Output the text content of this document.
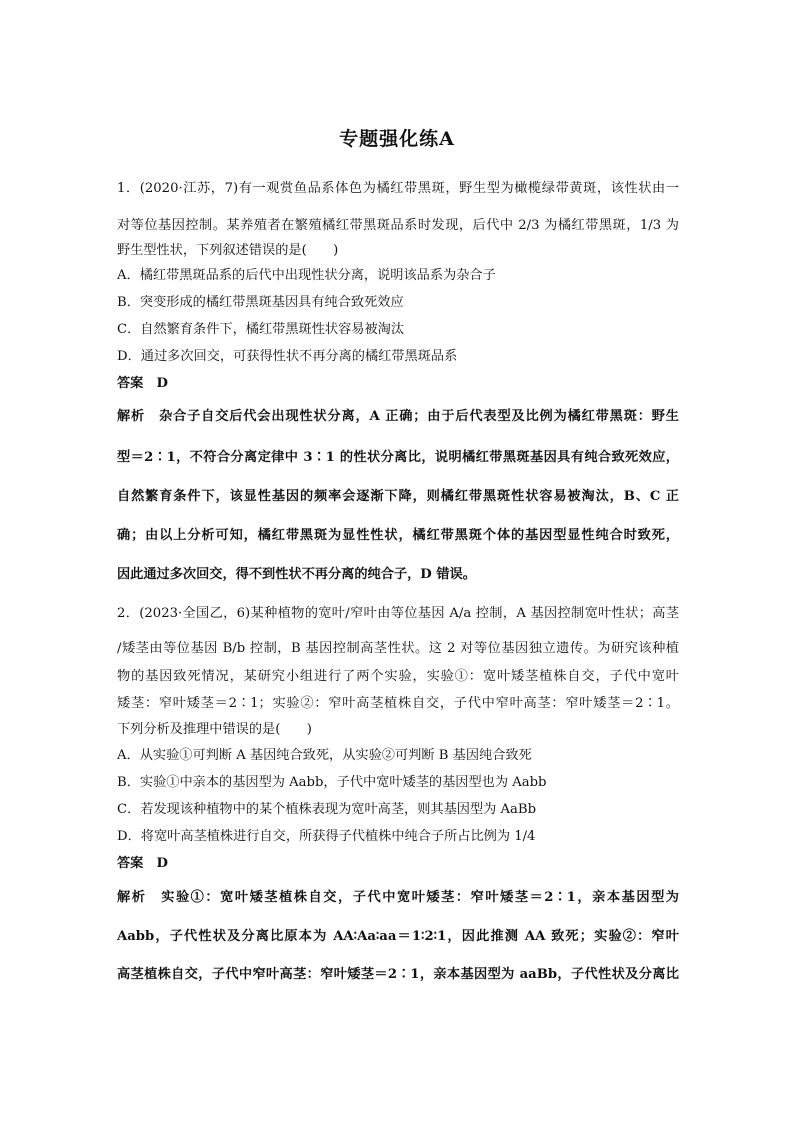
专题强化练A
1．(2020·江苏，7)有一观赏鱼品系体色为橘红带黑斑，野生型为橄榄绿带黄斑，该性状由一
对等位基因控制。某养殖者在繁殖橘红带黑斑品系时发现，后代中 2/3 为橘红带黑斑，1/3 为
野生型性状，下列叙述错误的是(　　)
A．橘红带黑斑品系的后代中出现性状分离，说明该品系为杂合子
B．突变形成的橘红带黑斑基因具有纯合致死效应
C．自然繁育条件下，橘红带黑斑性状容易被淘汰
D．通过多次回交，可获得性状不再分离的橘红带黑斑品系
答案　D
解析　杂合子自交后代会出现性状分离，A 正确；由于后代表型及比例为橘红带黑斑：野生
型＝2∶1，不符合分离定律中 3∶1 的性状分离比，说明橘红带黑斑基因具有纯合致死效应，
自然繁育条件下，该显性基因的频率会逐渐下降，则橘红带黑斑性状容易被淘汰，B、C 正
确；由以上分析可知，橘红带黑斑为显性性状，橘红带黑斑个体的基因型显性纯合时致死，
因此通过多次回交，得不到性状不再分离的纯合子，D 错误。
2．(2023·全国乙，6)某种植物的宽叶/窄叶由等位基因 A/a 控制，A 基因控制宽叶性状；高茎
/矮茎由等位基因 B/b 控制，B 基因控制高茎性状。这 2 对等位基因独立遗传。为研究该种植
物的基因致死情况，某研究小组进行了两个实验，实验①：宽叶矮茎植株自交，子代中宽叶
矮茎：窄叶矮茎＝2∶1；实验②：窄叶高茎植株自交，子代中窄叶高茎：窄叶矮茎＝2∶1。
下列分析及推理中错误的是(　　)
A．从实验①可判断 A 基因纯合致死，从实验②可判断 B 基因纯合致死
B．实验①中亲本的基因型为 Aabb，子代中宽叶矮茎的基因型也为 Aabb
C．若发现该种植物中的某个植株表现为宽叶高茎，则其基因型为 AaBb
D．将宽叶高茎植株进行自交，所获得子代植株中纯合子所占比例为 1/4
答案　D
解析　实验①：宽叶矮茎植株自交，子代中宽叶矮茎：窄叶矮茎＝2∶1，亲本基因型为
Aabb，子代性状及分离比原本为 AA∶Aa∶aa＝1∶2∶1，因此推测 AA 致死；实验②：窄叶
高茎植株自交，子代中窄叶高茎：窄叶矮茎＝2∶1，亲本基因型为 aaBb，子代性状及分离比
